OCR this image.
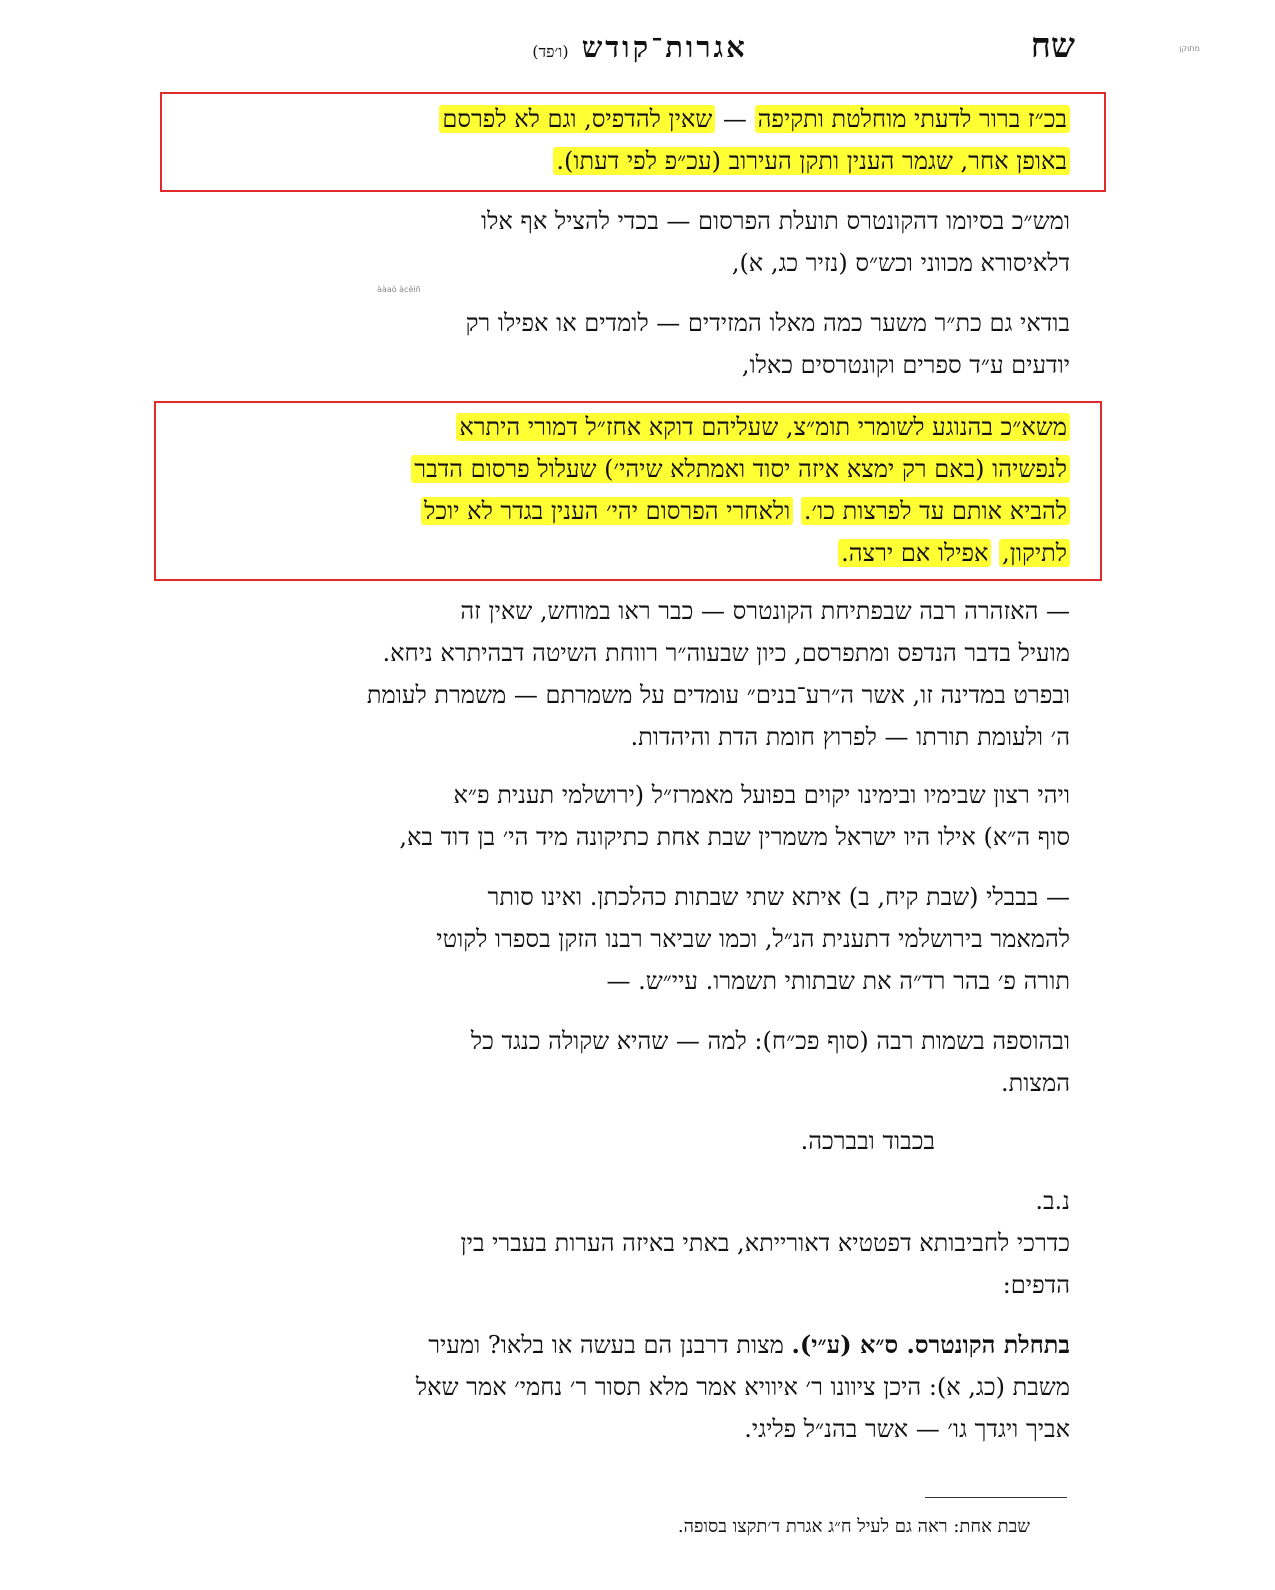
מתוקן
שח
אגרות־קודש (ו׳פד)
בכ״ז ברור לדעתי מוחלטת ותקיפה — שאין להדפיס, וגם לא לפרסם
באופן אחר, שגמר הענין ותקן העירוב (עכ״פ לפי דעתו).
ומש״כ בסיומו דהקונטרס תועלת הפרסום — בכדי להציל אף אלו
דלאיסורא מכווני וכש״ס (נזיר כג, א),
ààaò àcèìñ
בודאי גם כת״ר משער כמה מאלו המזידים — לומדים או אפילו רק
יודעים ע״ד ספרים וקונטרסים כאלו,
משא״כ בהנוגע לשומרי תומ״צ, שעליהם דוקא אחז״ל דמורי היתרא
לנפשיהו (באם רק ימצא איזה יסוד ואמתלא שיהי׳) שעלול פרסום הדבר
להביא אותם עד לפרצות כו׳. ולאחרי הפרסום יהי׳ הענין בגדר לא יוכל
לתיקון, אפילו אם ירצה.
— האזהרה רבה שבפתיחת הקונטרס — כבר ראו במוחש, שאין זה
מועיל בדבר הנדפס ומתפרסם, כיון שבעוה״ר רווחת השיטה דבהיתרא ניחא.
ובפרט במדינה זו, אשר ה״רע־בנים״ עומדים על משמרתם — משמרת לעומת
ה׳ ולעומת תורתו — לפרוץ חומת הדת והיהדות.
ויהי רצון שבימיו ובימינו יקוים בפועל מאמרז״ל (ירושלמי תענית פ״א
סוף ה״א) אילו היו ישראל משמרין שבת אחת כתיקונה מיד הי׳ בן דוד בא,
— בבבלי (שבת קיח, ב) איתא שתי שבתות כהלכתן. ואינו סותר
להמאמר בירושלמי דתענית הנ״ל, וכמו שביאר רבנו הזקן בספרו לקוטי
תורה פ׳ בהר רד״ה את שבתותי תשמרו. עיי״ש. —
ובהוספה בשמות רבה (סוף פכ״ח): למה — שהיא שקולה כנגד כל
המצות.
בכבוד ובברכה.
נ.ב.
כדרכי לחביבותא דפטטיא דאורייתא, באתי באיזה הערות בעברי בין
הדפים:
בתחלת הקונטרס. ס״א (ע״י). מצות דרבנן הם בעשה או בלאו? ומעיר
משבת (כג, א): היכן ציוונו ר׳ איוויא אמר מלא תסור ר׳ נחמי׳ אמר שאל
אביך ויגדך גו׳ — אשר בהנ״ל פליגי.
שבת אחת: ראה גם לעיל ח״ג אגרת ד׳תקצו בסופה.
